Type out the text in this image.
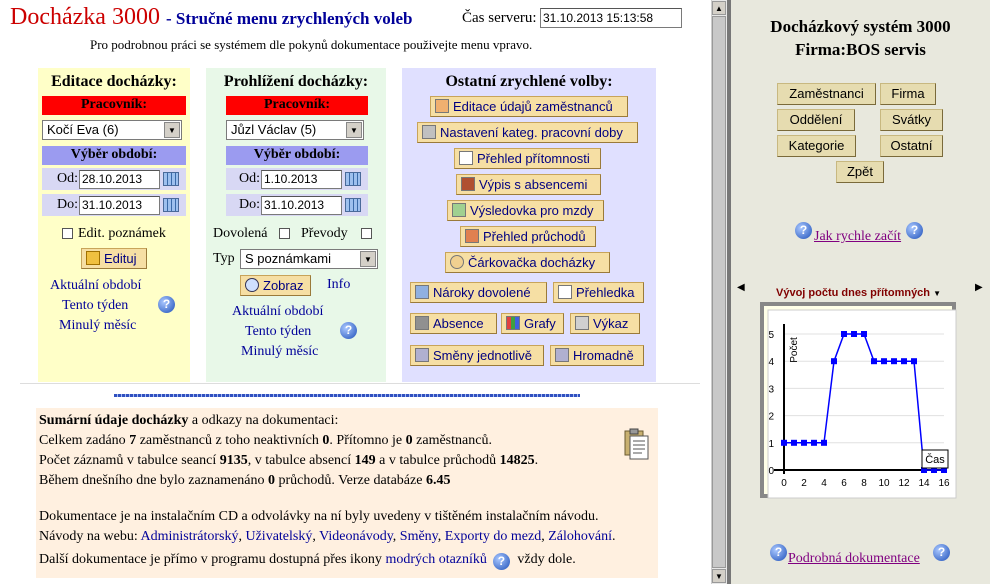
Docházka 3000 - Stručné menu zrychlených voleb	Čas serveru: 31.10.2013 15:13:58
Pro podrobnou práci se systémem dle pokynů dokumentace použivejte menu vpravo.
Editace docházky:
Pracovník:
Kočí Eva (6)	▼
Výběr období:
Od: 28.10.2013
Do: 31.10.2013
Edit. poznámek
Edituj
Aktuální období
Tento týden
Minulý měsíc
?
Prohlížení docházky:
Pracovník:
Jůzl Václav (5)	▼
Výběr období:
Od: 1.10.2013
Do: 31.10.2013
Dovolená Převody
Typ S poznámkami	▼
Zobraz	Info
Aktuální období
Tento týden
Minulý měsíc
?
Ostatní zrychlené volby:
Editace údajů zaměstnanců
Nastavení kateg. pracovní doby
Přehled přítomnosti
Výpis s absencemi
Výsledovka pro mzdy
Přehled průchodů
Čárkovačka docházky
Nároky dovolené	Přehledka
Absence	Grafy	Výkaz
Směny jednotlivě	Hromadně
Sumární údaje docházky a odkazy na dokumentaci:
Celkem zadáno 7 zaměstnanců z toho neaktivních 0. Přítomno je 0 zaměstnanců.
Počet záznamů v tabulce seancí 9135, v tabulce absencí 149 a v tabulce průchodů 14825.
Během dnešního dne bylo zaznamenáno 0 průchodů. Verze databáze 6.45
Dokumentace je na instalačním CD a odvolávky na ní byly uvedeny v tištěném instalačním návodu.
Návody na webu: Administrátorský, Uživatelský, Videonávody, Směny, Exporty do mezd, Zálohování.
Další dokumentace je přímo v programu dostupná přes ikony modrých otazníků ? vždy dole.
▲
▼
Docházkový systém 3000
Firma:BOS servis
Zaměstnanci	Firma
Oddělení	Svátky
Kategorie	Ostatní
Zpět
? Jak rychle začít ?
◀	Vývoj počtu dnes přítomných ▼
▶
0
1
2
3
4
5
0 2 4 6 8 10 12 14 16
Počet
Čas
? Podrobná dokumentace	?
